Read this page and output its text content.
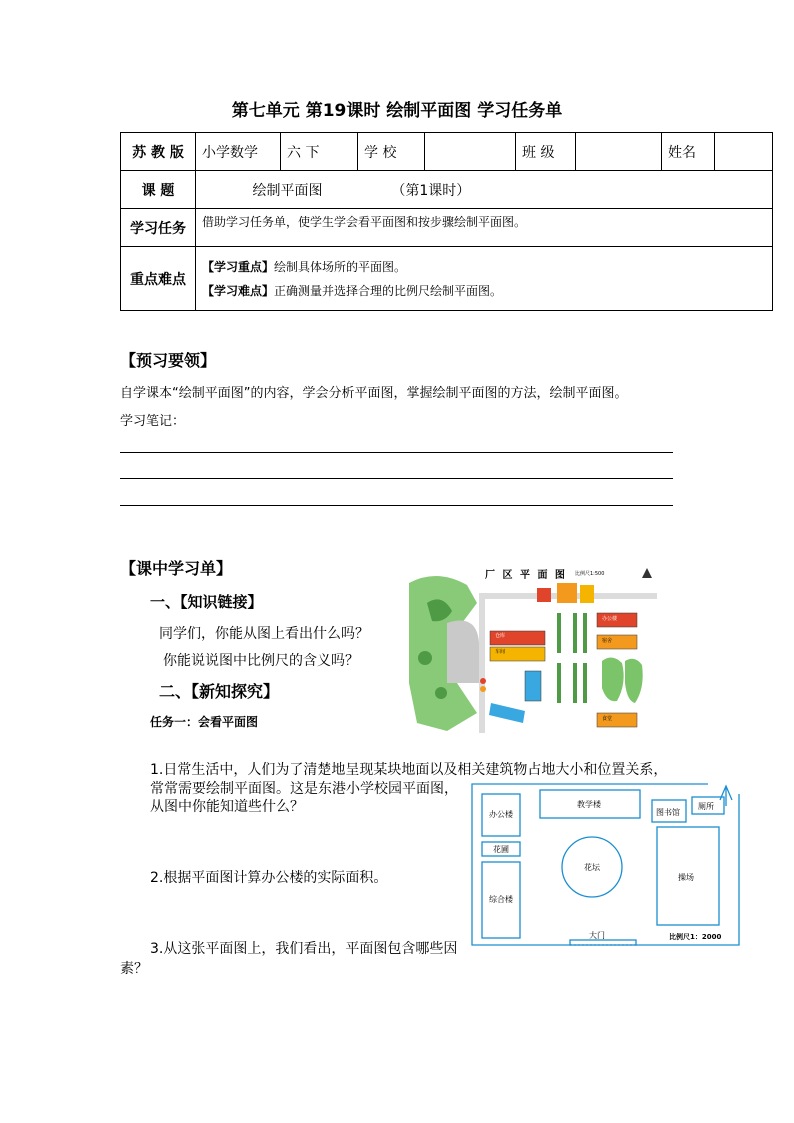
第七单元 第19课时 绘制平面图 学习任务单
苏 教 版	小学数学	六 下	学 校		班 级		姓名	
课 题	绘制平面图 （第1课时）							
学习任务	借助学习任务单，使学生学会看平面图和按步骤绘制平面图。							
重点难点	【学习重点】绘制具体场所的平面图。
【学习难点】正确测量并选择合理的比例尺绘制平面图。							
【预习要领】
自学课本“绘制平面图”的内容，学会分析平面图，掌握绘制平面图的方法，绘制平面图。
学习笔记：
【课中学习单】
一、【知识链接】
同学们，你能从图上看出什么吗？
你能说说图中比例尺的含义吗？
二、【新知探究】
任务一：会看平面图
1.日常生活中，人们为了清楚地呈现某块地面以及相关建筑物占地大小和位置关系，
常常需要绘制平面图。这是东港小学校园平面图，
从图中你能知道些什么？
2.根据平面图计算办公楼的实际面积。
3.从这张平面图上，我们看出，平面图包含哪些因
素？
厂 区 平 面 图 比例尺1:500
仓库
车间
办公楼
宿舍
食堂
办公楼
教学楼
图书馆
厕所
花圃
花坛
操场
综合楼
大门	比例尺1：2000
